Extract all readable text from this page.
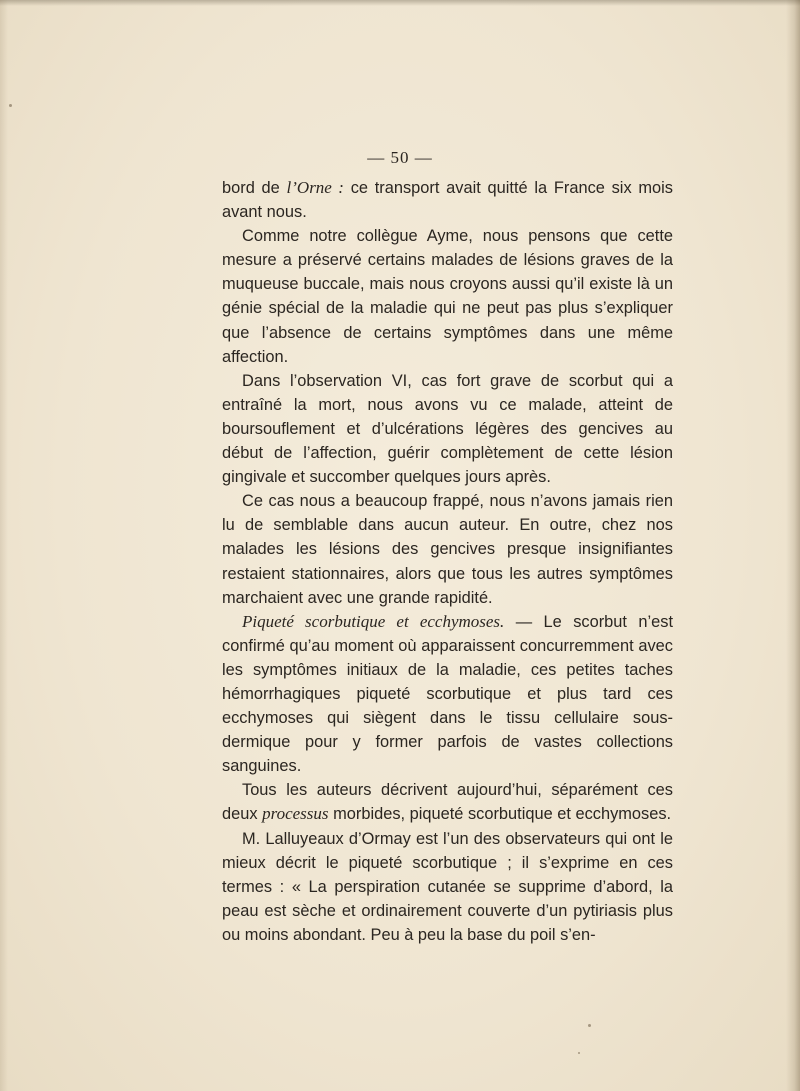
— 50 —

bord de l’Orne : ce transport avait quitté la France six mois avant nous.

Comme notre collègue Ayme, nous pensons que cette mesure a préservé certains malades de lésions graves de la muqueuse buccale, mais nous croyons aussi qu’il existe là un génie spécial de la maladie qui ne peut pas plus s’expliquer que l’absence de certains symptômes dans une même affection.

Dans l’observation VI, cas fort grave de scorbut qui a entraîné la mort, nous avons vu ce malade, atteint de boursouflement et d’ulcérations légères des gencives au début de l’affection, guérir complètement de cette lésion gingivale et succomber quelques jours après.

Ce cas nous a beaucoup frappé, nous n’avons jamais rien lu de semblable dans aucun auteur. En outre, chez nos malades les lésions des gencives presque insignifiantes restaient stationnaires, alors que tous les autres symptômes marchaient avec une grande rapidité.

Piqueté scorbutique et ecchymoses. — Le scorbut n’est confirmé qu’au moment où apparaissent concurremment avec les symptômes initiaux de la maladie, ces petites taches hémorrhagiques piqueté scorbutique et plus tard ces ecchymoses qui siègent dans le tissu cellulaire sous-dermique pour y former parfois de vastes collections sanguines.

Tous les auteurs décrivent aujourd’hui, séparément ces deux processus morbides, piqueté scorbutique et ecchymoses.

M. Lalluyeaux d’Ormay est l’un des observateurs qui ont le mieux décrit le piqueté scorbutique ; il s’exprime en ces termes : « La perspiration cutanée se supprime d’abord, la peau est sèche et ordinairement couverte d’un pytiriasis plus ou moins abondant. Peu à peu la base du poil s’en-
